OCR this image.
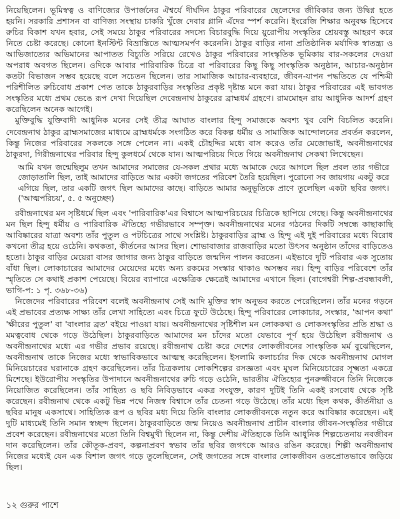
নিয়েছিলেন। ভূমিস্বত্ব ও বাণিজ্যের উপার্জনের ঐশ্বর্যে দীর্ঘদিন ঠাকুর পরিবারের ছেলেদের জীবিকার জন্য উদ্বিগ্ন হতে হয়নি। সরকারি প্রশাসন বা বাণিজ্য সংস্থায় চাকরি খুঁজে দেবার গ্লানি এঁদের স্পর্শ করেনি। ইংরেজি শিক্ষার অনুবক্ষ হিসেবে রুচির বিকাশ যখন হবার, সেই সময়ে ঠাকুর পরিবারের সদস্যে বিচারবুদ্ধি দিয়ে য়ুরোপীয় সংস্কৃতির শ্রেয়বস্তু আহরণ করে নিতে চেষ্টা করেছে। কোনো ইনস্টিন্ট বিভ্রান্তিতে আত্মসমর্পণ করেননি। ঠাকুর বাড়ির নানা প্রতিষ্ঠানিক মর্যাদিক স্বাতন্ত্র্য ও আভিজাত্যের অভিমানের আপাতত বিচ্যুতি সরিয়ে রেখেও ঠাকুর পরিবারের সাংস্কৃতিক ভূমিকায় বার-সকলের দেওয়া অপরাধ অবগত ছিলেন। ওদিকে আবার পারিবারিক চিত্রে বা পরিবারের কিছু কিছু সাংস্কৃতিক অনুষ্ঠান, আচার-অনুষ্ঠান কতটা বিভাজন সম্ভব হয়েছে বলে সচেতন ছিলেন। তার সামাজিক আচার-ব্যবহারে, জীবন-যাপন পদ্ধতিতে যে পশ্চিমী পরিশীলিত রুচিবোধ প্রকাশ পেত তাকে ঠাকুরবাড়ির সংস্কৃতির প্রকৃষ্ট দৃষ্টান্ত মনে করা যায়। ঠাকুর পরিবারের এই ভাবগত সংস্কৃতির মধ্যে প্রথম ভেঙে রূপ দেখা দিয়েছিল দেবেন্দ্রনাথ ঠাকুরের ব্রাহ্মধর্ম গ্রহণে। রামমোহন রায় আধুনিক আদর্শ গ্রহণ করেছিলেন অনেক আগেই।

মুক্তিবুদ্ধি যুক্তিবাদী আধুনিক মনের সেই তীব্র আঘাত বাংলার হিন্দু সমাজকে অবশ্য খুব বেশি বিচলিত করেনি। দেবেন্দ্রনাথ ঠাকুর ব্রাহ্মসমাজের মাধ্যমে ব্রাহ্মধর্মকে সংগঠিত করে বিকল্প ধর্মীয় ও সামাজিক আন্দোলনের প্রবর্তন করলেন, কিন্তু নিজের পরিবারের সকলকে সঙ্গে পেলেন না। একই চৌহদ্দির মধ্যে বাস করেও তাঁর মেজোভাই, অবনীন্দ্রনাথের ঠাকুরদা, গিরীন্দ্রনাথের পরিবার হিন্দু কুলধর্মে থেকে যান। আত্মপরিচয় দিতে গিয়ে অবনীন্দ্রনাথ সেকথা লিখেছেন।

আমি যখন জন্মেছিলুম তখন আমাদের সমাজের যে-সকল প্রথার মধ্যে আমাকে ঘেরে আগলে ছিল প্রবল তার গভীরে জোড়াতালি ছিল, তাই আমাদের বাড়িতে আর একটা জগতের পরিবেশ তৈরি হয়েছিল। পুরোনো সব জায়গায় একটু করে এগিয়ে ছিল, তার একটি জগৎ ছিল আমাদের কাছে। বাড়িতে আমার অনুভূতিকে প্রাণে তুলেছিল একটা ছবির জগৎ। ('আত্মপরিচয়', ৫. ৫ অনুচ্ছেদ)

রবীন্দ্রনাথের মন সৃষ্টিধর্মে ছিল এবং 'পারিবারিক'এর বিশ্বাসে আত্মপরিচয়ের চিত্রিকে ছাপিয়ে গেছে। কিন্তু অবনীন্দ্রনাথের মন ছিল হিন্দু ধর্মীয় ও পারিবারিক ঐতিহ্যে গভীরভাবে সম্পৃক্ত। অবনীন্দ্রনাথের মনের গঠনের দিকটি সম্বন্ধে কাছাকাছি আবিষ্কারের যাত্রা অবশ্য তাঁর পুতুল ও পটচিত্রের সাথে সংশ্লিষ্ট। ঠাকুরবাড়ির ব্রাহ্ম ও হিন্দু এই দুই পরিবারের মধ্যে বিরোধ কখনো তীব্র হয়ে ওঠেনি। কথকতা, কীর্তনের আসর ছিল। শোভাবাজার রাজবাড়ির মতো উৎসব অনুষ্ঠান তাঁদের বাড়িতেও হতো। ঠাকুর বাড়ির মেয়েরা বাসর জাগার জন্য ঠাকুর বাড়িতে জন্মদিন পালন করতেন। এইভাবে দুটি পরিবার এক সুতোয় বাঁধা ছিল। লোকাচারের আমাদের মেয়েদের মধ্যে অন্য রকমের সংস্কার থাকাও অসম্ভব নয়। হিন্দু বাড়ির পরিবেশে তাঁর স্মৃতিতে সে কথাই প্রকাশ পেয়েছে। বিয়ের ব্যাপারে এক্ষেত্রিক ক্ষেত্রেই আমাদের এখানে ছিল। (বাগেশ্বরী শিল্প-প্রবন্ধাবলী, ভাগি-প: ১ পৃ. ৩৬৮-৩৬)

নিজেদের পরিবারের পরিবেশ বলেই অবনীন্দ্রনাথ সেই আদি মুক্তির স্বাদ অনুভব করতে পেরেছিলেন। তাঁর মনের গড়নে এই প্রভাবের প্রত্যক্ষ সাক্ষ্য তাঁর লেখা সাহিত্যে এবং চিত্রে ফুটে উঠেছে। হিন্দু পরিবারের লোকাচার, সংস্কার, 'আপন কথা' 'ক্ষীরের পুতুল' বা 'বাংলার ব্রত' বইয়ে পাওয়া যায়। অবনীন্দ্রনাথের সৃষ্টিশীল মন লোককথা ও লোকসংস্কৃতির প্রতি শ্রদ্ধা ও মমত্ববোধ থেকে গড়ে উঠেছিল। ঠাকুরবাড়িতে আমাদের মন চাঁদের মতো যেভাবে পূর্ণ হয়ে উঠেছিল রবীন্দ্রনাথ ও অবনীন্দ্রনাথের মধ্যে এর গভীর প্রভাব রয়েছে। রবীন্দ্রনাথ চেষ্টা করে দেশের লোকজীবনের সাংস্কৃতিক মর্ম বুঝেছিলেন, অবনীন্দ্রনাথ তাকে নিজের মধ্যে স্বাভাবিকভাবে আত্মস্থ করেছিলেন। ইসলামি কলাচর্চার দিক থেকে অবনীন্দ্রনাথ মোগল মিনিয়েচারের ঘরানাকে গ্রহণ করেছিলেন। তাঁর চিত্রকলায় লোকশিল্পের রসজ্ঞতা এবং মুঘল মিনিয়েচারের সূক্ষ্মতা একত্রে মিশেছে। ইউরোপীয় সংস্কৃতির উপাদানে অবনীন্দ্রনাথের রুচি গড়ে ওঠেনি, ভারতীয় ঐতিহ্যের পুনরুজ্জীবনে তিনি নিজেকে নিয়োজিত করেছিলেন। তাঁর সাহিত্য ও ছবি নিবিড়ভাবে একত্র সংযুক্ত, কারণ দুটিই তিনি একই রসবোধ থেকে সৃষ্টি করেছেন। রবীন্দ্রনাথ থেকে একটু ভিন্ন পথে নিজস্ব বিশ্বাসে তাঁর চেতনা গড়ে উঠেছে। তাঁর মধ্যে ছিল কথক, কীর্তনীয়া ও ছবির মানুষ একসাথে। সাহিত্যিক রূপ ও ছবির মধ্য দিয়ে তিনি বাংলার লোকজীবনকে নতুন করে আবিষ্কার করেছেন। এই দুটি মাধ্যমেই তিনি সমান স্বচ্ছন্দ ছিলেন। ঠাকুরবাড়িতে জন্ম নিয়েও অবনীন্দ্রনাথ প্রাচীন বাংলার জীবন-সংস্কৃতির গভীরে প্রবেশ করেছেন। রবীন্দ্রনাথের মতো তিনি বিশ্বমুখী ছিলেন না, কিন্তু দেশীয় ঐতিহ্যকে তিনি আধুনিক শিল্পচেতনায় নবজীবন দান করেছিলেন। তাঁর কৌতূক-প্রবণ, কল্পনাপ্রবণ স্বভাব তাঁর ছবির জগৎকে আরও রঙিন করেছে। শিল্পী অবনীন্দ্রনাথ নিজের মধ্যেই যেন এক বিশাল জগৎ গড়ে তুলেছিলেন, সেই জগতের সঙ্গে বাংলার লোকজীবন ওতপ্রোতভাবে জড়িয়ে ছিল।

১২ গুরুর পাশে
